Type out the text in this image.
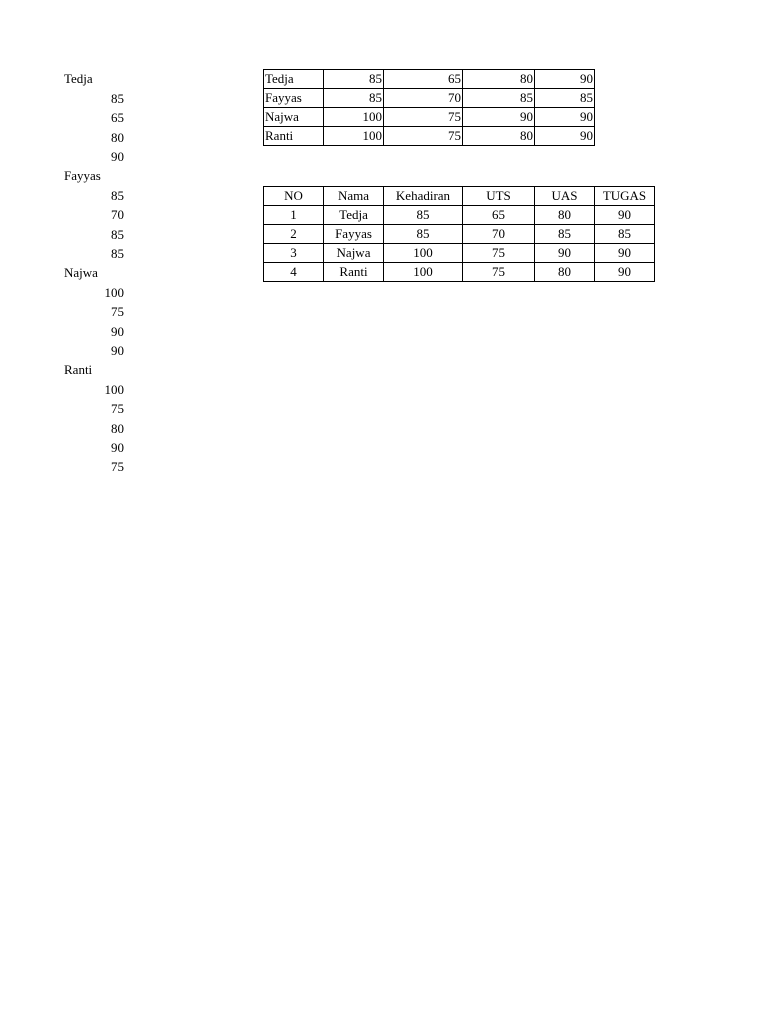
Tedja
85
65
80
90
Fayyas
85
70
85
85
Najwa
100
75
90
90
Ranti
100
75
80
90
75
Tedja	85	65	80	90
Fayyas	85	70	85	85
Najwa	100	75	90	90
Ranti	100	75	80	90
NO	Nama	Kehadiran	UTS	UAS	TUGAS
1	Tedja	85	65	80	90
2	Fayyas	85	70	85	85
3	Najwa	100	75	90	90
4	Ranti	100	75	80	90
